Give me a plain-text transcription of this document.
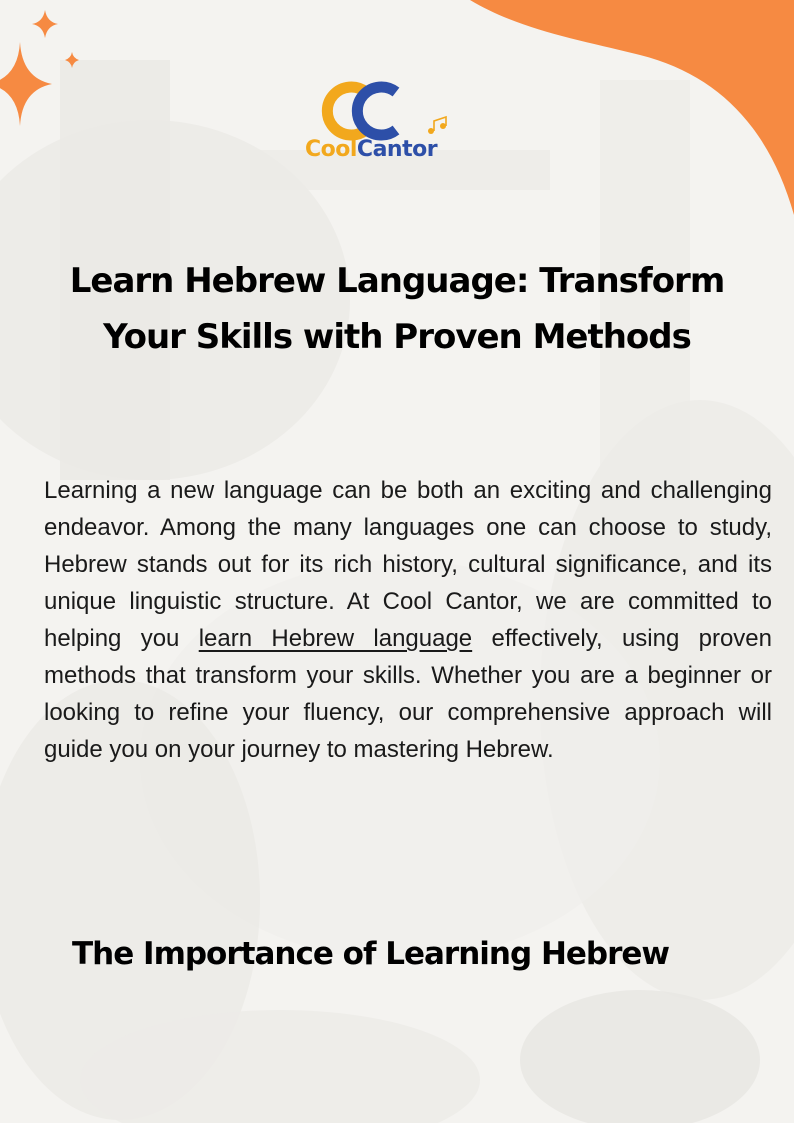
CoolCantor
Learn Hebrew Language: Transform Your Skills with Proven Methods

Learning a new language can be both an exciting and challenging endeavor. Among the many languages one can choose to study, Hebrew stands out for its rich history, cultural significance, and its unique linguistic structure. At Cool Cantor, we are committed to helping you learn Hebrew language effectively, using proven methods that transform your skills. Whether you are a beginner or looking to refine your fluency, our comprehensive approach will guide you on your journey to mastering Hebrew.

The Importance of Learning Hebrew
